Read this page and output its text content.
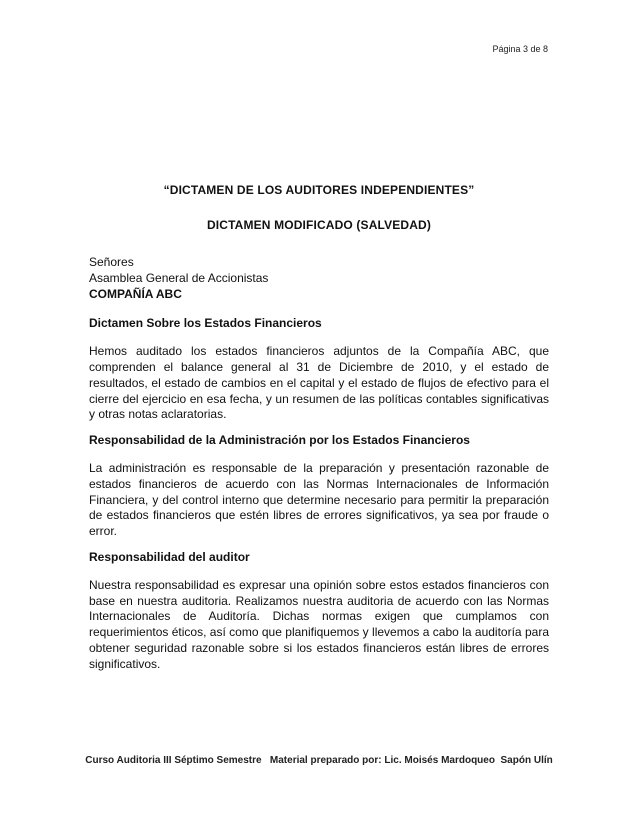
Página 3 de 8
“DICTAMEN DE LOS AUDITORES INDEPENDIENTES”
DICTAMEN MODIFICADO (SALVEDAD)
Señores
Asamblea General de Accionistas
COMPAÑÍA ABC
Dictamen Sobre los Estados Financieros

Hemos auditado los estados financieros adjuntos de la Compañía ABC, que comprenden el balance general al 31 de Diciembre de 2010, y el estado de resultados, el estado de cambios en el capital y el estado de flujos de efectivo para el cierre del ejercicio en esa fecha, y un resumen de las políticas contables significativas y otras notas aclaratorias.

Responsabilidad de la Administración por los Estados Financieros

La administración es responsable de la preparación y presentación razonable de estados financieros de acuerdo con las Normas Internacionales de Información Financiera, y del control interno que determine necesario para permitir la preparación de estados financieros que estén libres de errores significativos, ya sea por fraude o error.

Responsabilidad del auditor

Nuestra responsabilidad es expresar una opinión sobre estos estados financieros con base en nuestra auditoria. Realizamos nuestra auditoria de acuerdo con las Normas Internacionales de Auditoría. Dichas normas exigen que cumplamos con requerimientos éticos, así como que planifiquemos y llevemos a cabo la auditoría para obtener seguridad razonable sobre si los estados financieros están libres de errores significativos.

Curso Auditoria III Séptimo Semestre   Material preparado por: Lic. Moisés Mardoqueo  Sapón Ulín
